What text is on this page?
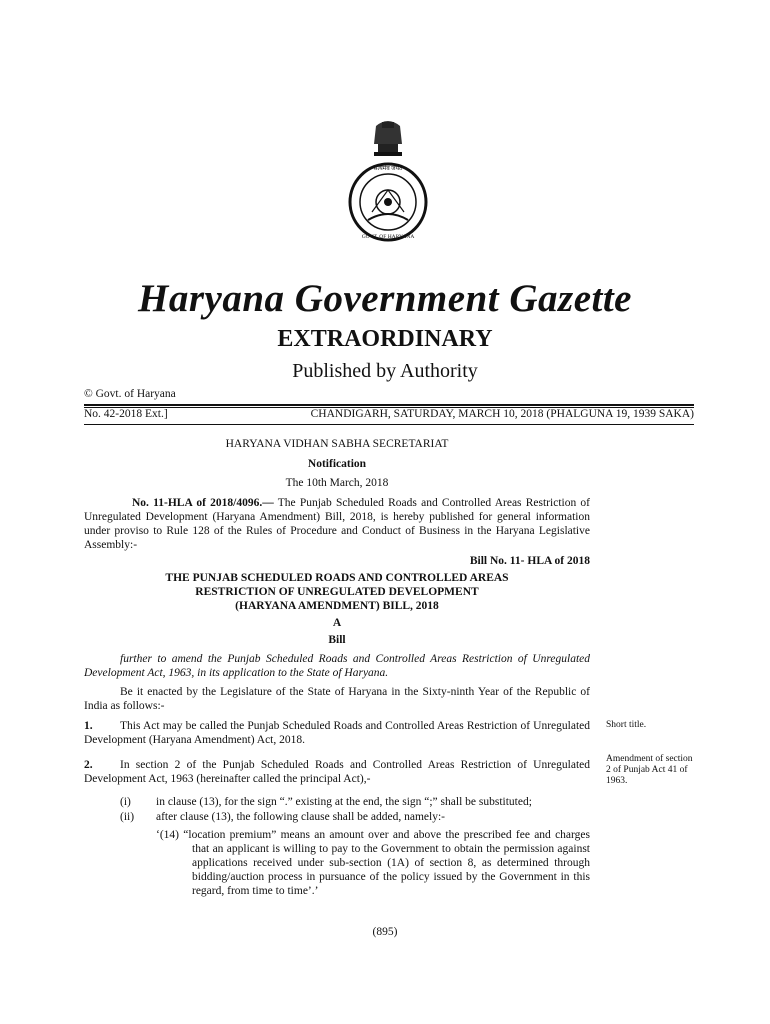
सत्यमेव जयते
GOVT. OF HARYANA
Haryana Government Gazette
EXTRAORDINARY
Published by Authority
© Govt. of Haryana
No. 42-2018 Ext.]	CHANDIGARH, SATURDAY, MARCH 10, 2018 (PHALGUNA 19, 1939 SAKA)
HARYANA VIDHAN SABHA SECRETARIAT
Notification
The 10th March, 2018
No. 11-HLA of 2018/4096.— The Punjab Scheduled Roads and Controlled Areas Restriction of Unregulated Development (Haryana Amendment) Bill, 2018, is hereby published for general information under proviso to Rule 128 of the Rules of Procedure and Conduct of Business in the Haryana Legislative Assembly:-
Bill No. 11- HLA of 2018
THE PUNJAB SCHEDULED ROADS AND CONTROLLED AREAS
RESTRICTION OF UNREGULATED DEVELOPMENT
(HARYANA AMENDMENT) BILL, 2018
A
Bill
further to amend the Punjab Scheduled Roads and Controlled Areas Restriction of Unregulated Development Act, 1963, in its application to the State of Haryana.
Be it enacted by the Legislature of the State of Haryana in the Sixty-ninth Year of the Republic of India as follows:-
1. This Act may be called the Punjab Scheduled Roads and Controlled Areas Restriction of Unregulated Development (Haryana Amendment) Act, 2018.
Short title.
2. In section 2 of the Punjab Scheduled Roads and Controlled Areas Restriction of Unregulated Development Act, 1963 (hereinafter called the principal Act),-
Amendment of section 2 of Punjab Act 41 of 1963.
(i) in clause (13), for the sign “.” existing at the end, the sign “;” shall be substituted;
(ii) after clause (13), the following clause shall be added, namely:-
‘(14) “location premium” means an amount over and above the prescribed fee and charges that an applicant is willing to pay to the Government to obtain the permission against applications received under sub-section (1A) of section 8, as determined through bidding/auction process in pursuance of the policy issued by the Government in this regard, from time to time’.’
(895)
